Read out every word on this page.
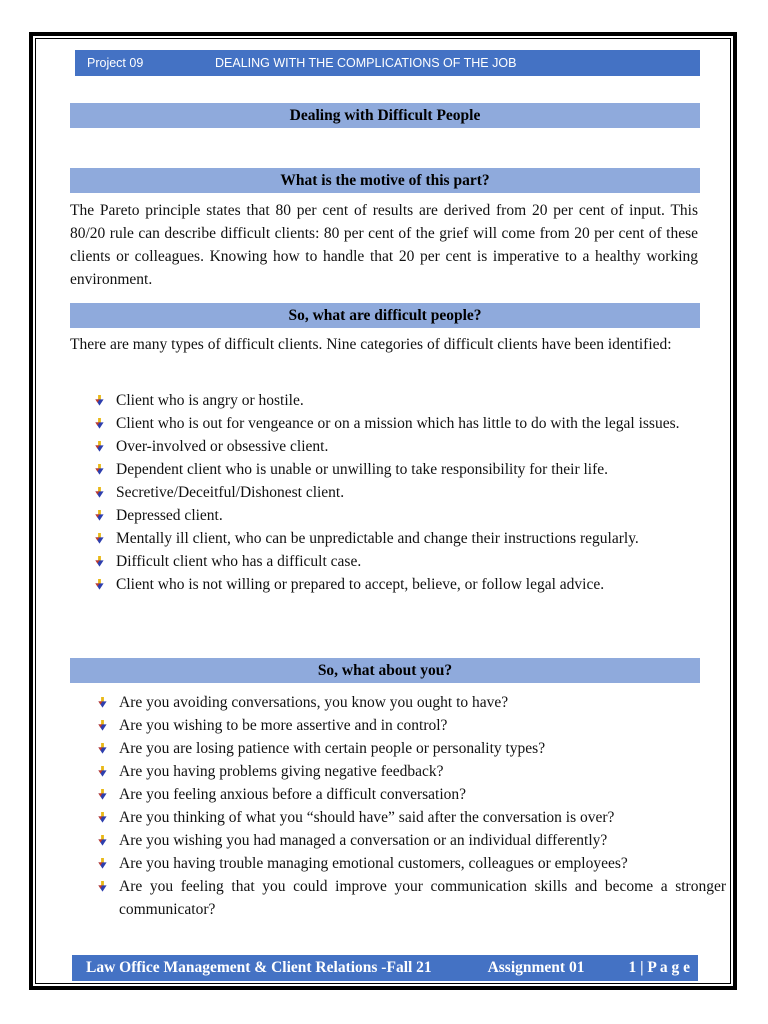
Project 09	DEALING WITH THE COMPLICATIONS OF THE JOB
Dealing with Difficult People
What is the motive of this part?
The Pareto principle states that 80 per cent of results are derived from 20 per cent of input. This 80/20 rule can describe difficult clients: 80 per cent of the grief will come from 20 per cent of these clients or colleagues. Knowing how to handle that 20 per cent is imperative to a healthy working environment.
So, what are difficult people?
There are many types of difficult clients. Nine categories of difficult clients have been identified:
Client who is angry or hostile.
Client who is out for vengeance or on a mission which has little to do with the legal issues.
Over-involved or obsessive client.
Dependent client who is unable or unwilling to take responsibility for their life.
Secretive/Deceitful/Dishonest client.
Depressed client.
Mentally ill client, who can be unpredictable and change their instructions regularly.
Difficult client who has a difficult case.
Client who is not willing or prepared to accept, believe, or follow legal advice.
So, what about you?
Are you avoiding conversations, you know you ought to have?
Are you wishing to be more assertive and in control?
Are you are losing patience with certain people or personality types?
Are you having problems giving negative feedback?
Are you feeling anxious before a difficult conversation?
Are you thinking of what you “should have” said after the conversation is over?
Are you wishing you had managed a conversation or an individual differently?
Are you having trouble managing emotional customers, colleagues or employees?
Are you feeling that you could improve your communication skills and become a stronger communicator?
Law Office Management & Client Relations -Fall 21	Assignment 01	1 | P a g e
